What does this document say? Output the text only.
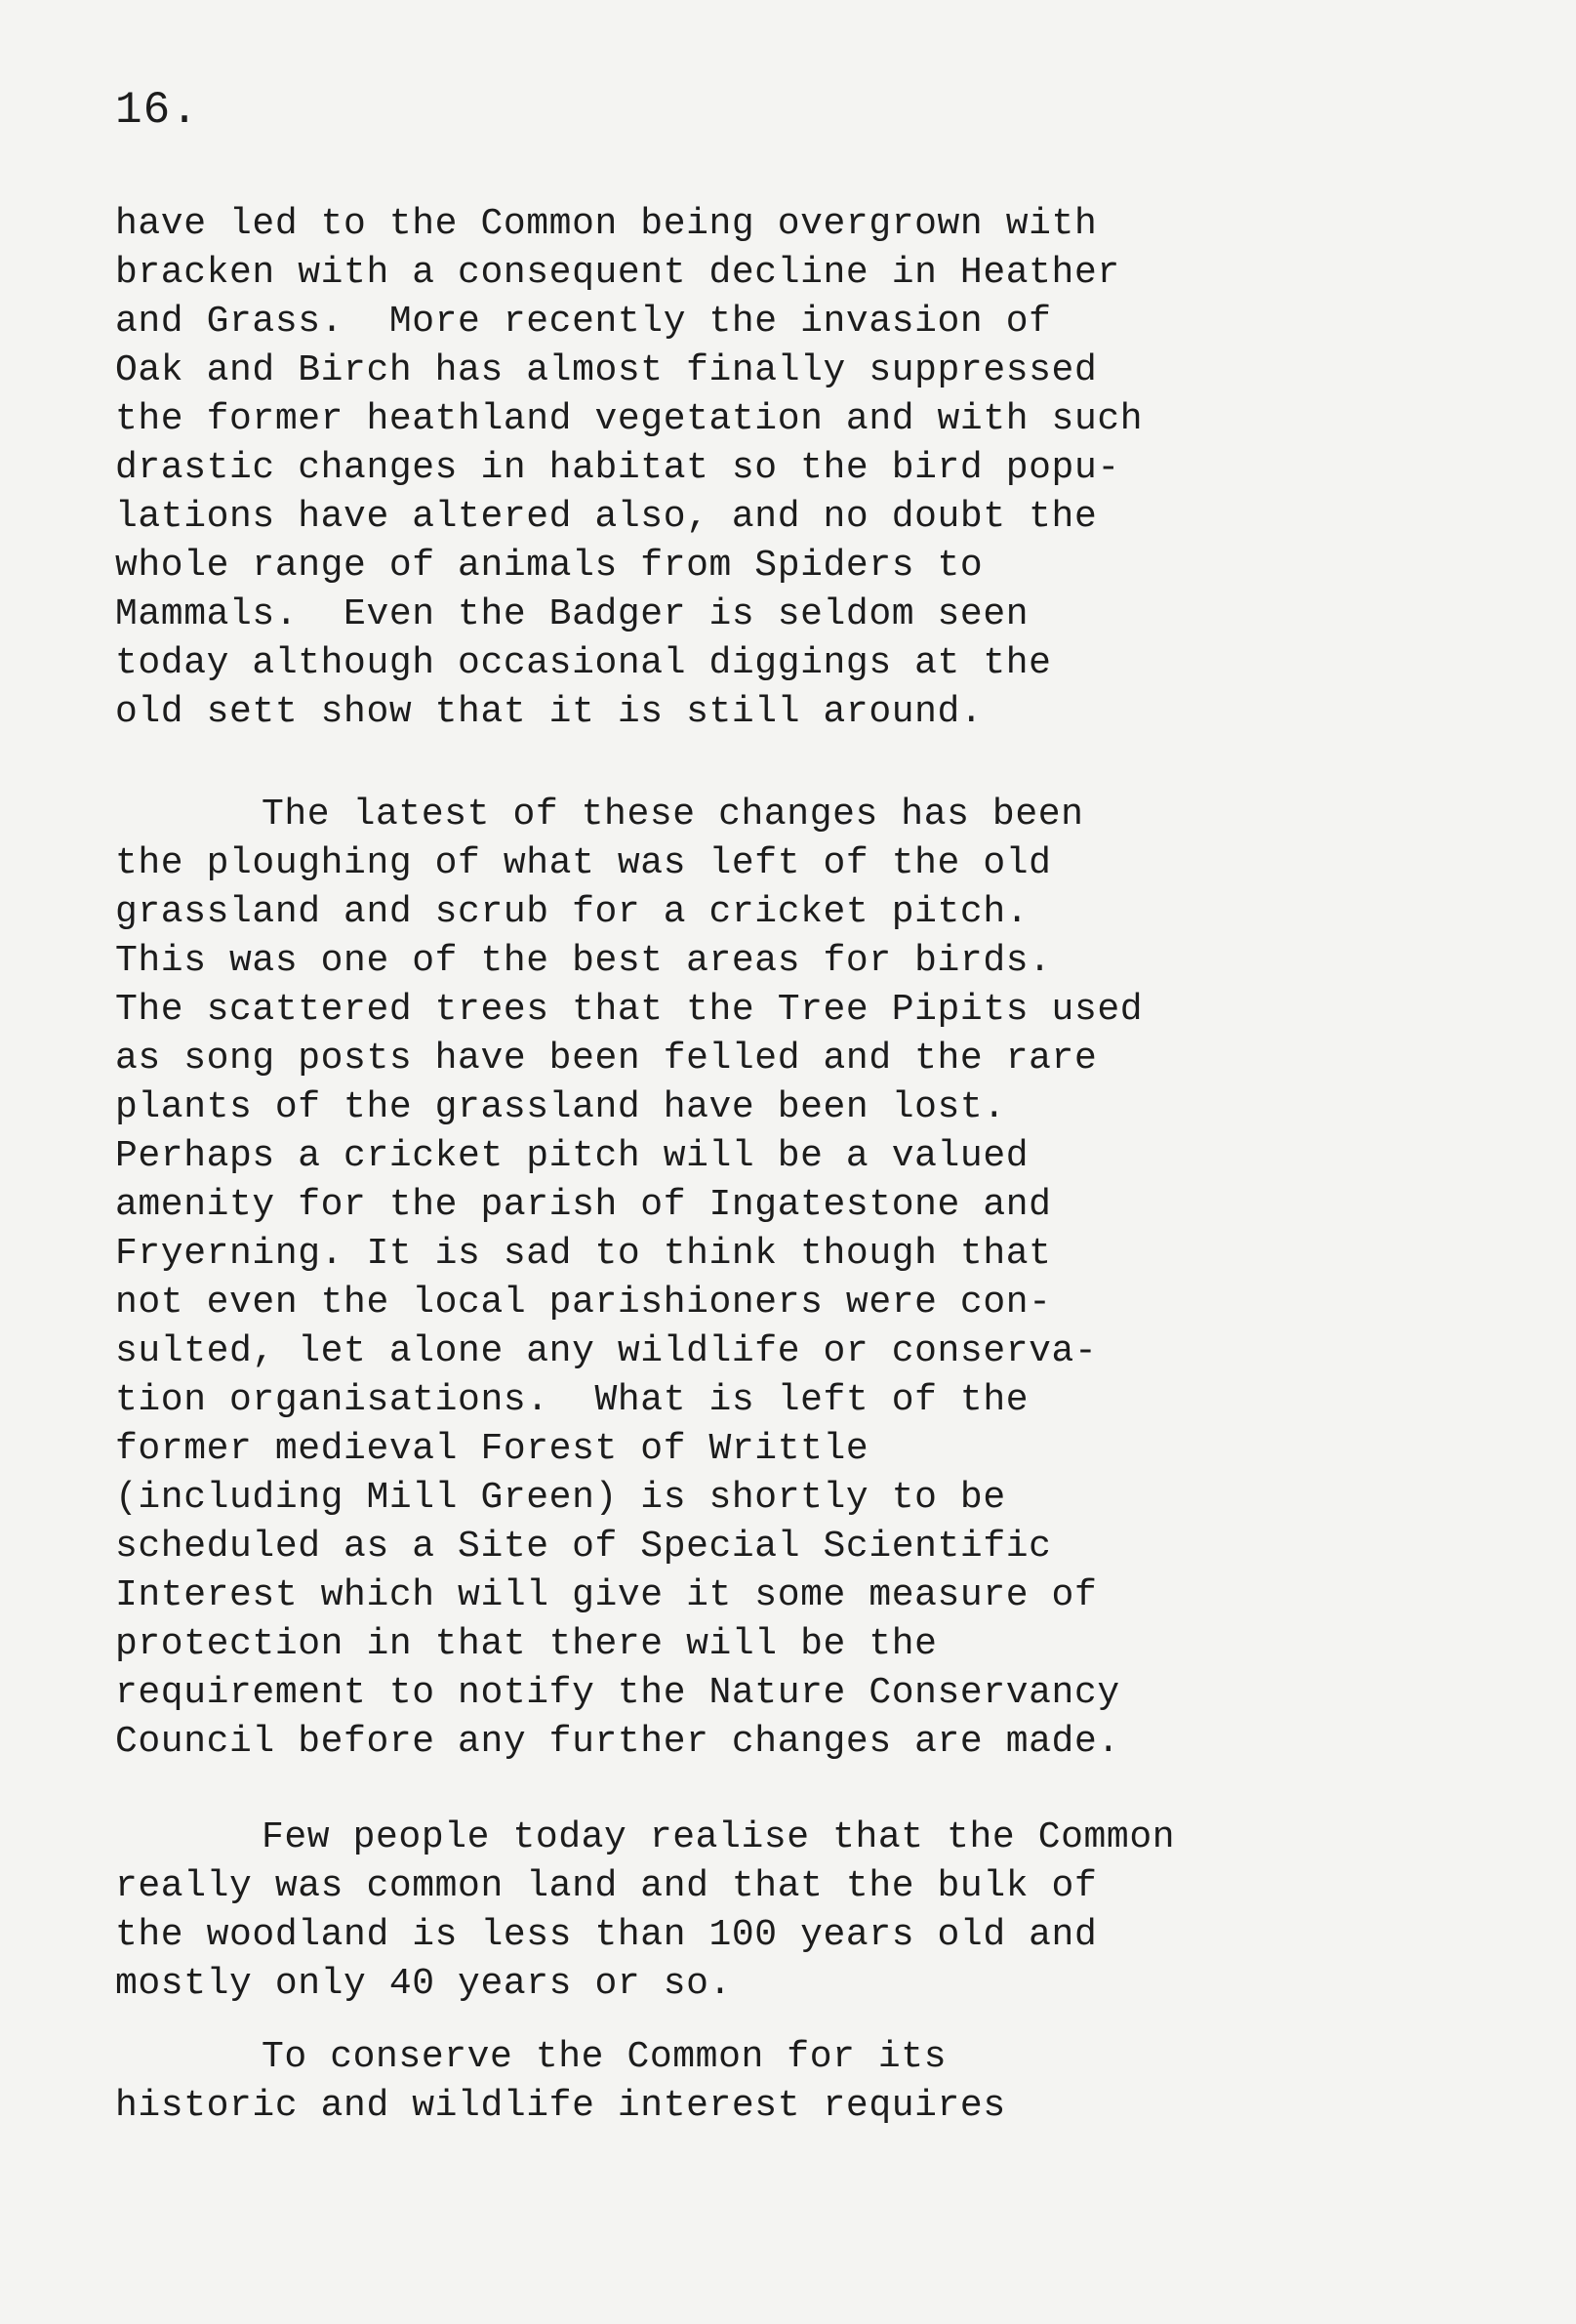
16.
have led to the Common being overgrown with
bracken with a consequent decline in Heather
and Grass.  More recently the invasion of
Oak and Birch has almost finally suppressed
the former heathland vegetation and with such
drastic changes in habitat so the bird popu-
lations have altered also, and no doubt the
whole range of animals from Spiders to
Mammals.  Even the Badger is seldom seen
today although occasional diggings at the
old sett show that it is still around.
The latest of these changes has been
the ploughing of what was left of the old
grassland and scrub for a cricket pitch.
This was one of the best areas for birds.
The scattered trees that the Tree Pipits used
as song posts have been felled and the rare
plants of the grassland have been lost.
Perhaps a cricket pitch will be a valued
amenity for the parish of Ingatestone and
Fryerning. It is sad to think though that
not even the local parishioners were con-
sulted, let alone any wildlife or conserva-
tion organisations.  What is left of the
former medieval Forest of Writtle
(including Mill Green) is shortly to be
scheduled as a Site of Special Scientific
Interest which will give it some measure of
protection in that there will be the
requirement to notify the Nature Conservancy
Council before any further changes are made.
Few people today realise that the Common
really was common land and that the bulk of
the woodland is less than 100 years old and
mostly only 40 years or so.
To conserve the Common for its
historic and wildlife interest requires
